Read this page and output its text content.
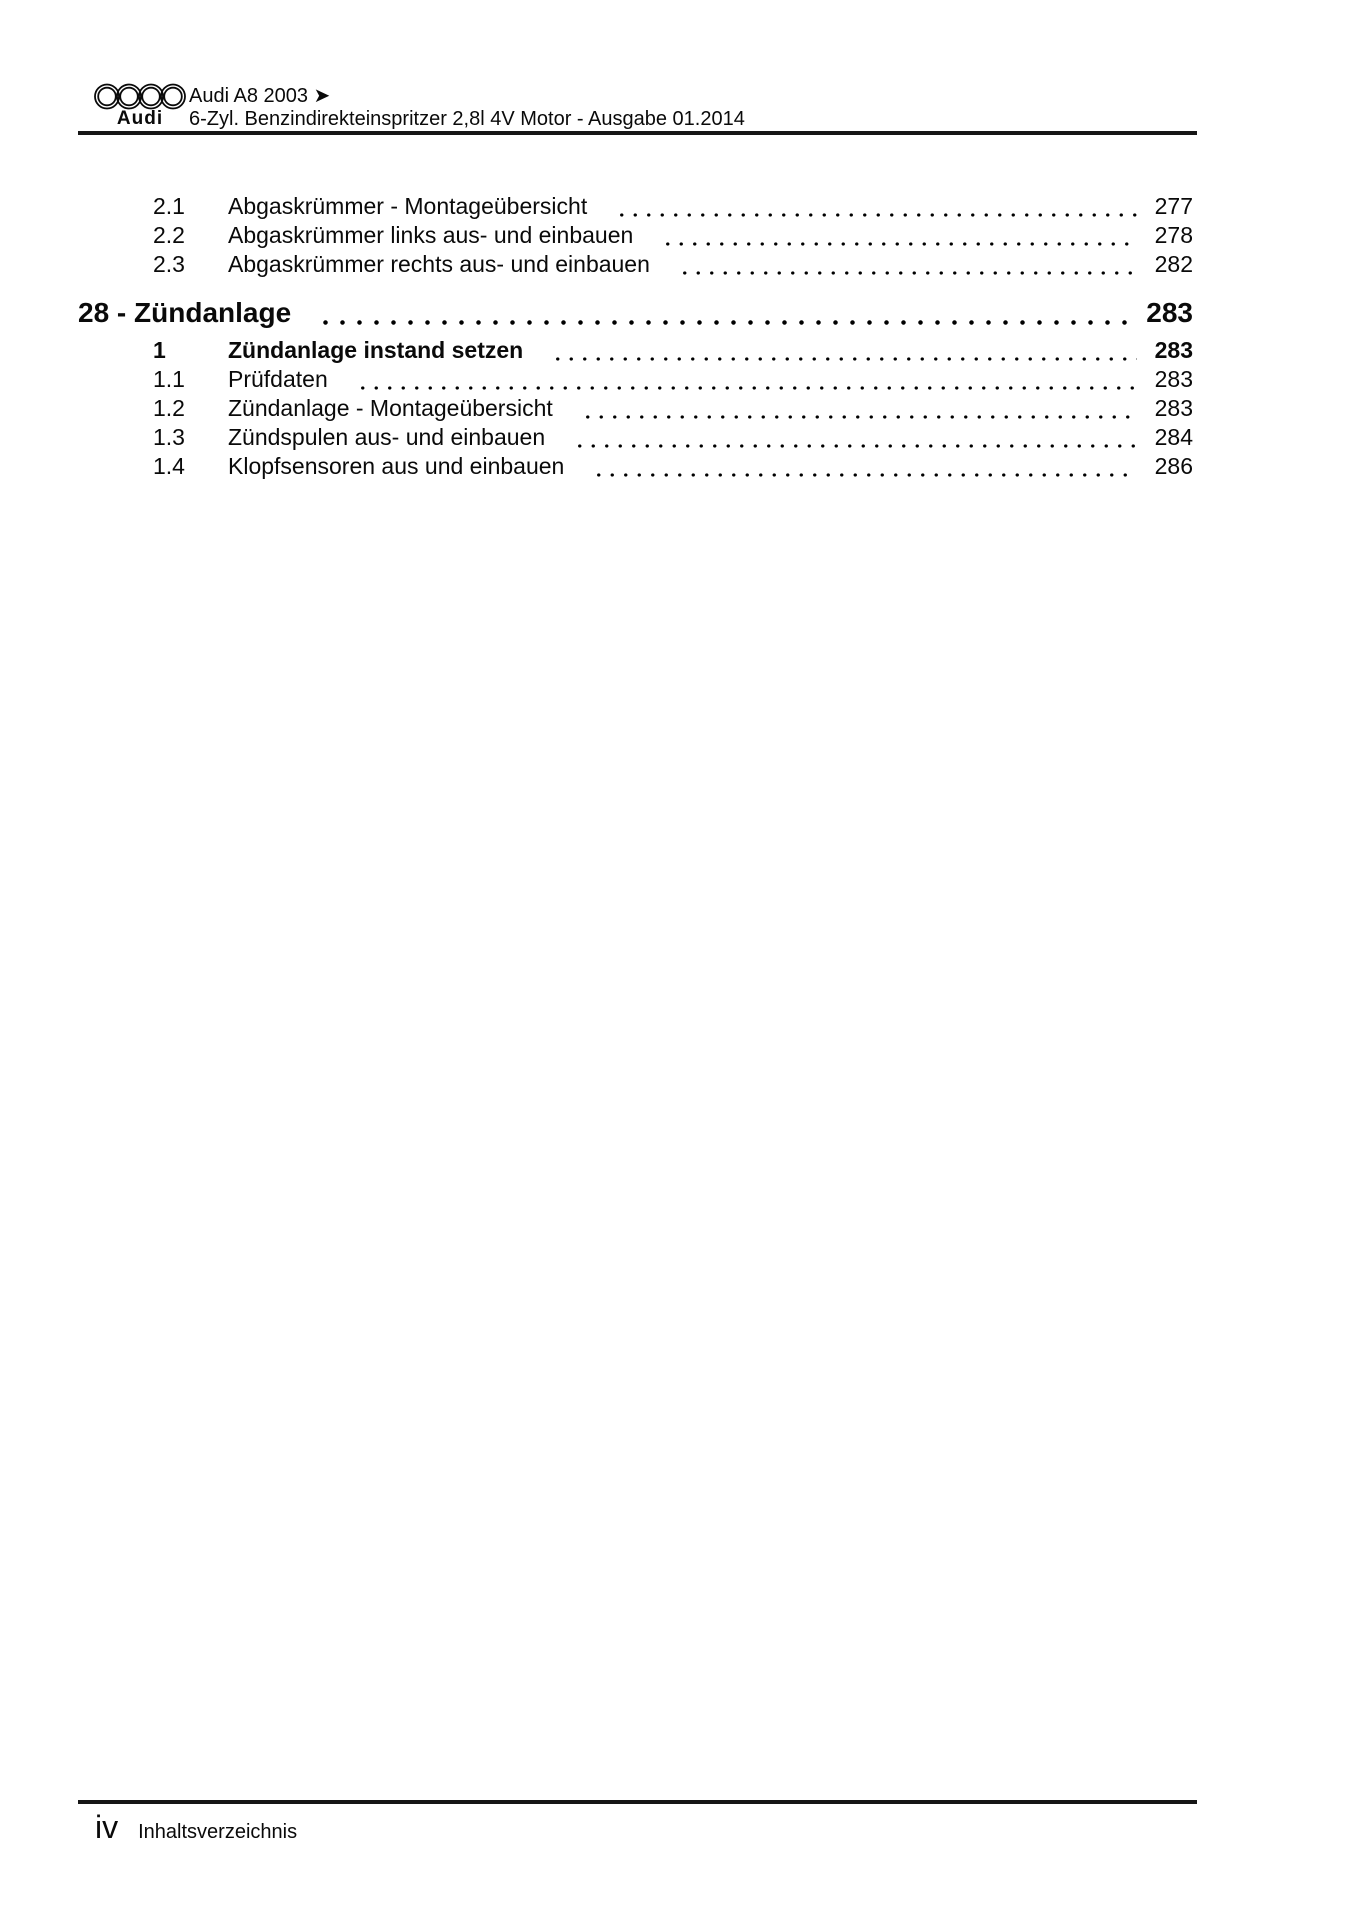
Audi
Audi A8 2003 ➤
6-Zyl. Benzindirekteinspritzer 2,8l 4V Motor - Ausgabe 01.2014
2.1	Abgaskrümmer - Montageübersicht	277
2.2	Abgaskrümmer links aus- und einbauen	278
2.3	Abgaskrümmer rechts aus- und einbauen	282
28 - Zündanlage	283
1	Zündanlage instand setzen	283
1.1	Prüfdaten	283
1.2	Zündanlage - Montageübersicht	283
1.3	Zündspulen aus- und einbauen	284
1.4	Klopfsensoren aus und einbauen	286
iv Inhaltsverzeichnis
